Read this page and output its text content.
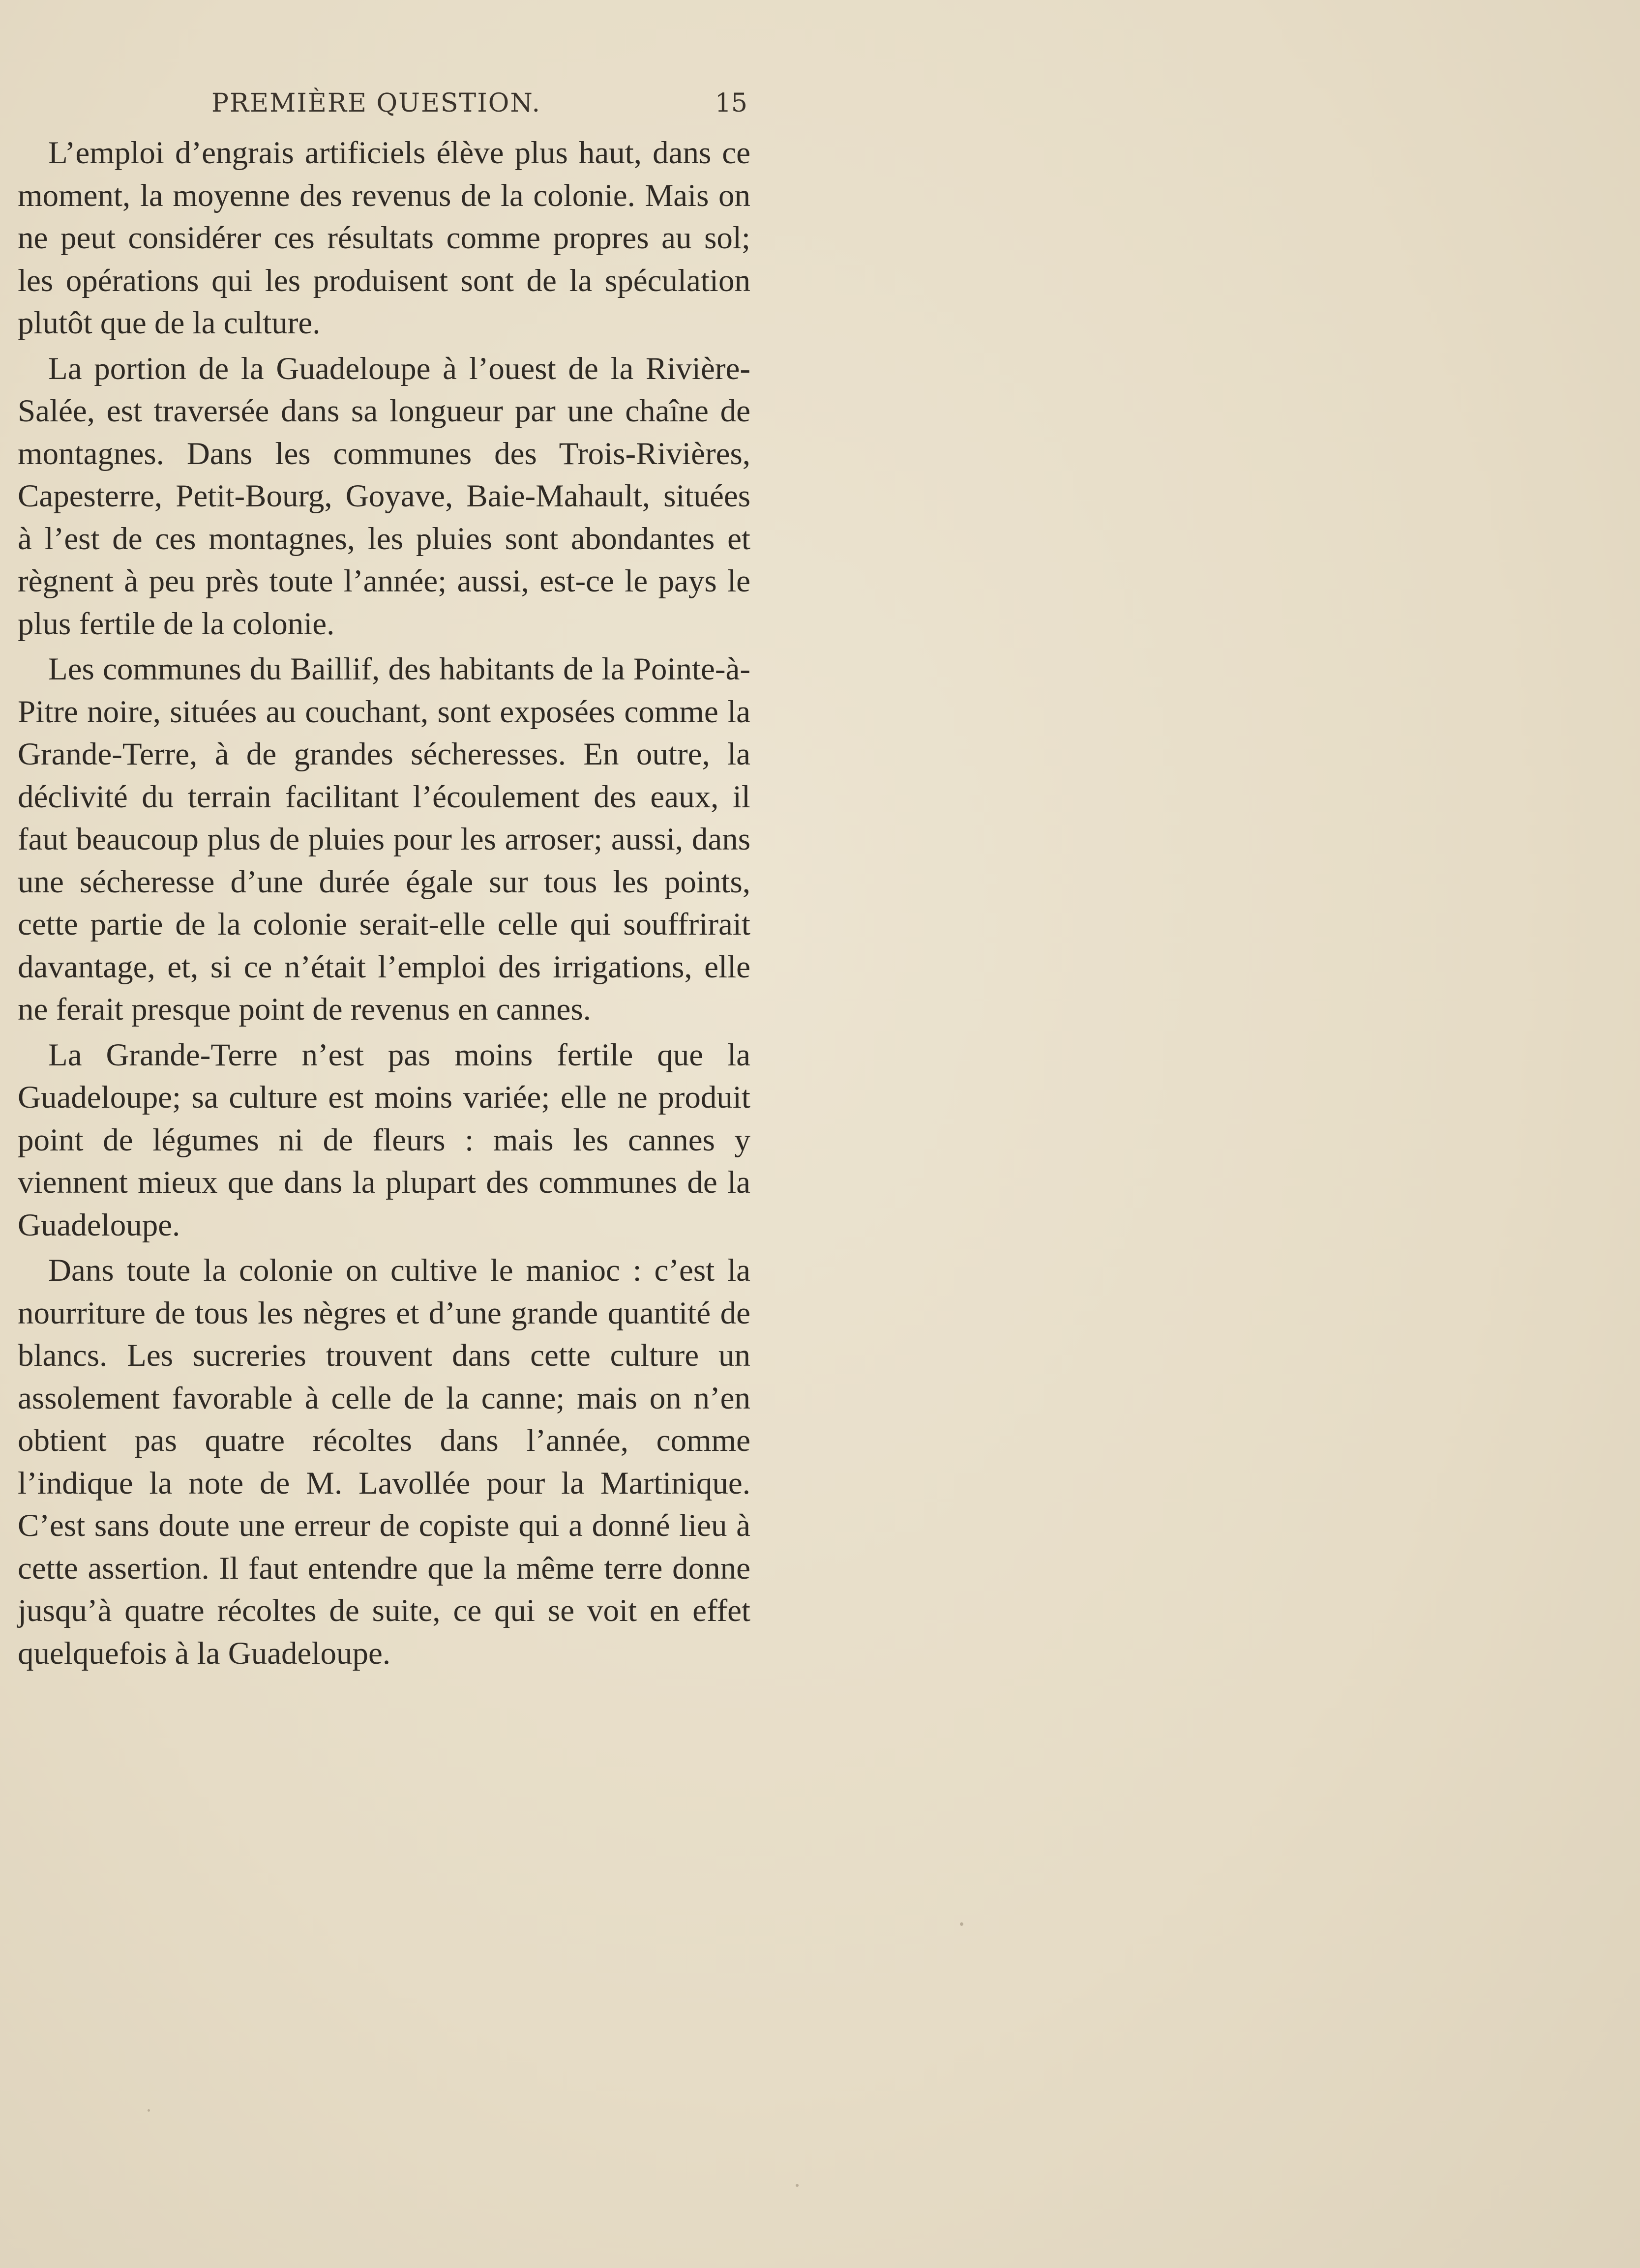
PREMIÈRE QUESTION.	15

L’emploi d’engrais artificiels élève plus haut, dans ce moment, la moyenne des revenus de la colonie. Mais on ne peut considérer ces résultats comme propres au sol; les opérations qui les produisent sont de la spéculation plutôt que de la culture.

La portion de la Guadeloupe à l’ouest de la Rivière-Salée, est traversée dans sa longueur par une chaîne de montagnes. Dans les communes des Trois-Rivières, Capesterre, Petit-Bourg, Goyave, Baie-Mahault, situées à l’est de ces montagnes, les pluies sont abondantes et règnent à peu près toute l’année; aussi, est-ce le pays le plus fertile de la colonie.

Les communes du Baillif, des habitants de la Pointe-à-Pitre noire, situées au couchant, sont exposées comme la Grande-Terre, à de grandes sécheresses. En outre, la déclivité du terrain facilitant l’écoulement des eaux, il faut beaucoup plus de pluies pour les arroser; aussi, dans une sécheresse d’une durée égale sur tous les points, cette partie de la colonie serait-elle celle qui souffrirait davantage, et, si ce n’était l’emploi des irrigations, elle ne ferait presque point de revenus en cannes.

La Grande-Terre n’est pas moins fertile que la Guadeloupe; sa culture est moins variée; elle ne produit point de légumes ni de fleurs : mais les cannes y viennent mieux que dans la plupart des communes de la Guadeloupe.

Dans toute la colonie on cultive le manioc : c’est la nourriture de tous les nègres et d’une grande quantité de blancs. Les sucreries trouvent dans cette culture un assolement favorable à celle de la canne; mais on n’en obtient pas quatre récoltes dans l’année, comme l’indique la note de M. Lavollée pour la Martinique. C’est sans doute une erreur de copiste qui a donné lieu à cette assertion. Il faut entendre que la même terre donne jusqu’à quatre récoltes de suite, ce qui se voit en effet quelquefois à la Guadeloupe.
